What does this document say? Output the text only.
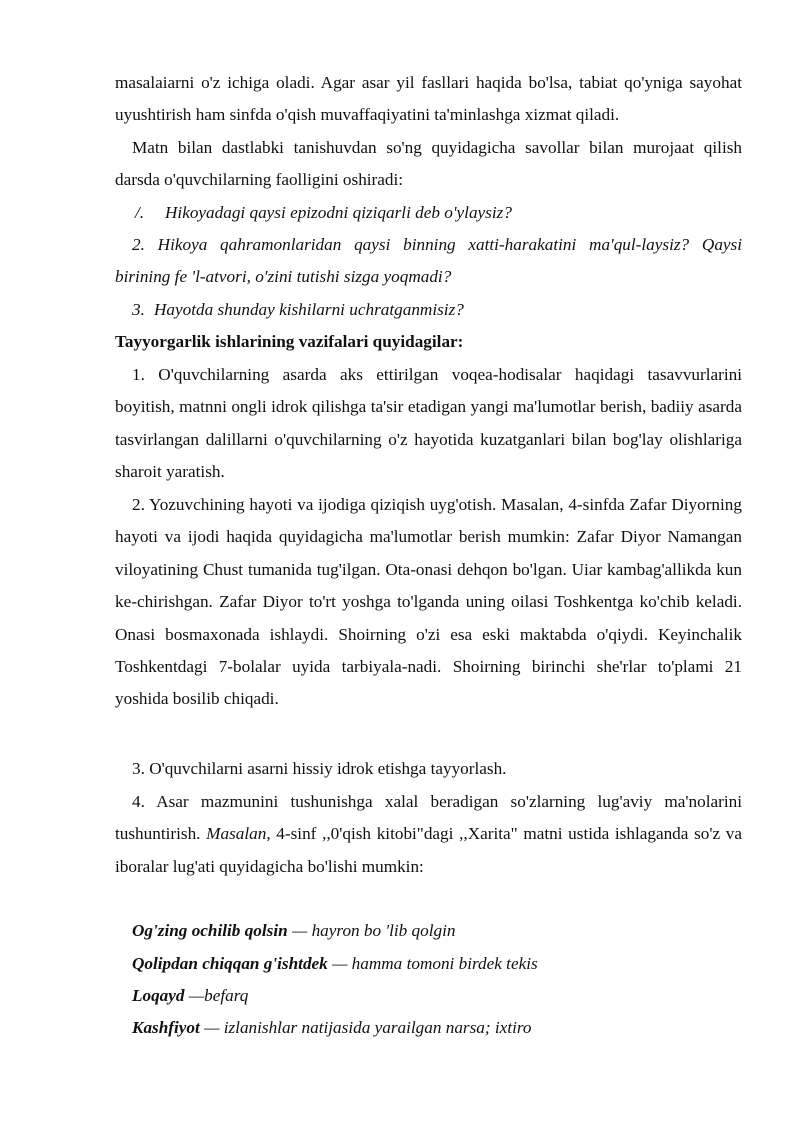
masalaiarni o'z ichiga oladi. Agar asar yil fasllari haqida bo'lsa, tabiat qo'yniga sayohat uyushtirish ham sinfda o'qish muvaffaqiyatini ta'minlashga xizmat qiladi.
Matn bilan dastlabki tanishuvdan so'ng quyidagicha savollar bilan murojaat qilish darsda o'quvchilarning faolligini oshiradi:
/. Hikoyadagi qaysi epizodni qiziqarli deb o'ylaysiz?
2. Hikoya qahramonlaridan qaysi binning xatti-harakatini ma'qul-laysiz? Qaysi birining fe 'l-atvori, o'zini tutishi sizga yoqmadi?
3. Hayotda shunday kishilarni uchratganmisiz?
Tayyorgarlik ishlarining vazifalari quyidagilar:
1. O'quvchilarning asarda aks ettirilgan voqea-hodisalar haqidagi tasavvurlarini boyitish, matnni ongli idrok qilishga ta'sir etadigan yangi ma'lumotlar berish, badiiy asarda tasvirlangan dalillarni o'quvchilarning o'z hayotida kuzatganlari bilan bog'lay olishlariga sharoit yaratish.
2. Yozuvchining hayoti va ijodiga qiziqish uyg'otish. Masalan, 4-sinfda Zafar Diyorning hayoti va ijodi haqida quyidagicha ma'lumotlar berish mumkin: Zafar Diyor Namangan viloyatining Chust tumanida tug'ilgan. Ota-onasi dehqon bo'lgan. Uiar kambag'allikda kun ke-chirishgan. Zafar Diyor to'rt yoshga to'lganda uning oilasi Toshkentga ko'chib keladi. Onasi bosmaxonada ishlaydi. Shoirning o'zi esa eski maktabda o'qiydi. Keyinchalik Toshkentdagi 7-bolalar uyida tarbiyala-nadi. Shoirning birinchi she'rlar to'plami 21 yoshida bosilib chiqadi.
3. O'quvchilarni asarni hissiy idrok etishga tayyorlash.
4. Asar mazmunini tushunishga xalal beradigan so'zlarning lug'aviy ma'nolarini tushuntirish. Masalan, 4-sinf ,,0'qish kitobi"dagi ,,Xarita" matni ustida ishlaganda so'z va iboralar lug'ati quyidagicha bo'lishi mumkin:
Og'zing ochilib qolsin — hayron bo 'lib qolgin
Qolipdan chiqqan g'ishtdek — hamma tomoni birdek tekis
Loqayd —befarq
Kashfiyot — izlanishlar natijasida yarailgan narsa; ixtiro
